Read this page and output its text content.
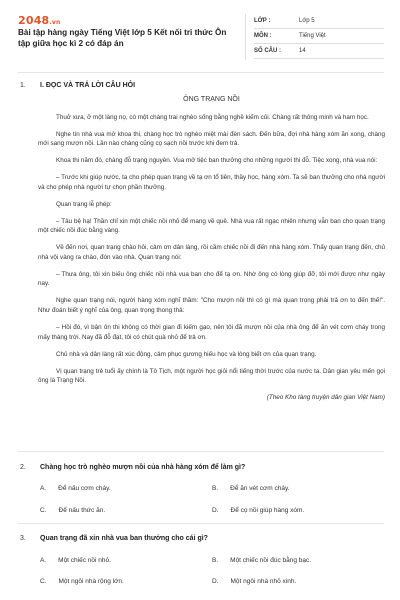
2048.vn
Bài tập hàng ngày Tiếng Việt lớp 5 Kết nối tri thức Ôn tập giữa học kì 2 có đáp án
LỚP :	Lớp 5
MÔN :	Tiếng Việt
SỐ CÂU :	14
1. I. ĐỌC VÀ TRẢ LỜI CÂU HỎI
ÔNG TRẠNG NỒI

Thuở xưa, ở một làng nọ, có một chàng trai nghèo sống bằng nghề kiếm củi. Chàng rất thông minh và ham học.

Nghe tin nhà vua mở khoa thi, chàng học trò nghèo miệt mài đèn sách. Đến bữa, đợi nhà hàng xóm ăn xong, chàng mới sang mượn nồi. Lần nào chàng cũng cọ sạch nồi trước khi đem trả.

Khoa thi năm đó, chàng đỗ trạng nguyên. Vua mở tiệc ban thưởng cho những người thi đỗ. Tiệc xong, nhà vua nói:

– Trước khi giúp nước, ta cho phép quan trạng về tạ ơn tổ tiên, thầy học, hàng xóm. Ta sẽ ban thưởng cho nhà người và cho phép nhà người tự chọn phần thưởng.

Quan trạng lễ phép:

– Tâu bệ hạ! Thần chỉ xin một chiếc nồi nhỏ để mang về quê. Nhà vua rất ngạc nhiên nhưng vẫn ban cho quan trạng một chiếc nồi đúc bằng vàng.

Về đến nơi, quan trạng chào hỏi, cảm ơn dân làng, rồi cầm chiếc nồi đi đến nhà hàng xóm. Thấy quan trạng đến, chủ nhà vội vàng ra chào, đón vào nhà. Quan trạng nói:

– Thưa ông, tôi xin biếu ông chiếc nồi nhà vua ban cho để tạ ơn. Nhờ ông có lòng giúp đỡ, tôi mới được như ngày nay.

Nghe quan trạng nói, người hàng xóm nghĩ thầm: "Cho mượn nồi thì có gì mà quan trọng phải trả ơn to đến thế!". Như đoán biết ý nghĩ của ông, quan trọng thong thả:

– Hồi đó, vì bận ôn thi không có thời gian đi kiếm gạo, nên tôi đã mượn nồi của nhà ông để ăn vét cơm cháy trong mấy tháng trời. Nay đã đỗ đạt, tôi có chút quà nhỏ để trả ơn.

Chủ nhà và dân làng rất xúc động, cảm phục gương hiếu học và lòng biết ơn của quan trạng.

Vị quan trạng trẻ tuổi ấy chính là Tô Tịch, một người học giỏi nổi tiếng thời trước của nước ta. Dân gian yêu mến gọi ông là Trạng Nồi.

(Theo Kho tàng truyện dân gian Việt Nam)
2. Chàng học trò nghèo mượn nồi của nhà hàng xóm để làm gì?
A. Để nấu cơm cháy.	B. Để ăn vét cơm cháy.
C. Để nấu thức ăn.	D. Để cọ nồi giúp hàng xóm.
3. Quan trạng đã xin nhà vua ban thưởng cho cái gì?
A. Một chiếc nồi nhỏ.	B. Một chiếc nồi đúc bằng bạc.
C. Một ngôi nhà rộng lớn.	D. Một ngôi nhà nhỏ xinh.
